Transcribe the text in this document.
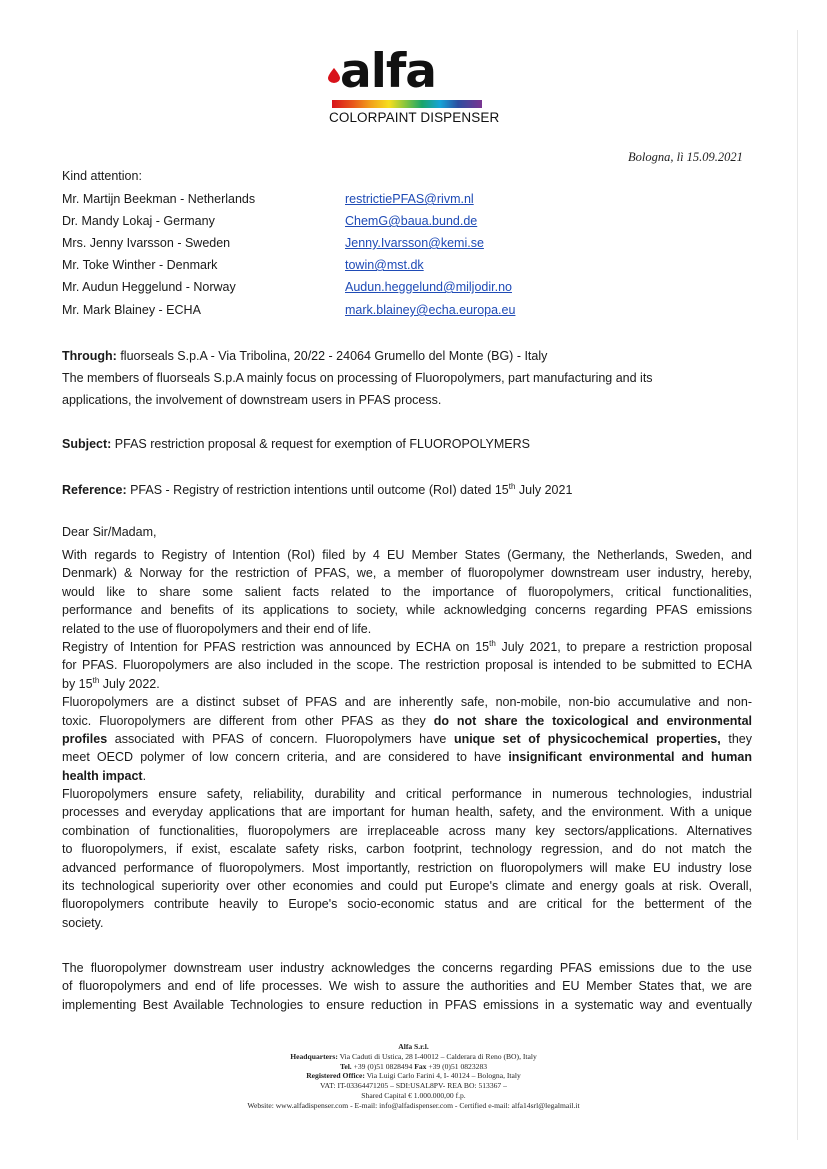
alfa
COLORPAINT DISPENSER
Bologna, lì 15.09.2021
Kind attention:
Mr. Martijn Beekman - Netherlands	restrictiePFAS@rivm.nl
Dr. Mandy Lokaj - Germany	ChemG@baua.bund.de
Mrs. Jenny Ivarsson - Sweden	Jenny.Ivarsson@kemi.se
Mr. Toke Winther - Denmark	towin@mst.dk
Mr. Audun Heggelund - Norway	Audun.heggelund@miljodir.no
Mr. Mark Blainey - ECHA	mark.blainey@echa.europa.eu
Through: fluorseals S.p.A - Via Tribolina, 20/22 - 24064 Grumello del Monte (BG) - Italy
The members of fluorseals S.p.A mainly focus on processing of Fluoropolymers, part manufacturing and its
applications, the involvement of downstream users in PFAS process.
Subject: PFAS restriction proposal & request for exemption of FLUOROPOLYMERS
Reference: PFAS - Registry of restriction intentions until outcome (RoI) dated 15th July 2021
Dear Sir/Madam,
With regards to Registry of Intention (RoI) filed by 4 EU Member States (Germany, the Netherlands, Sweden, and
Denmark) & Norway for the restriction of PFAS, we, a member of fluoropolymer downstream user industry, hereby,
would like to share some salient facts related to the importance of fluoropolymers, critical functionalities,
performance and benefits of its applications to society, while acknowledging concerns regarding PFAS emissions
related to the use of fluoropolymers and their end of life.
Registry of Intention for PFAS restriction was announced by ECHA on 15th July 2021, to prepare a restriction proposal
for PFAS. Fluoropolymers are also included in the scope. The restriction proposal is intended to be submitted to ECHA
by 15th July 2022.
Fluoropolymers are a distinct subset of PFAS and are inherently safe, non-mobile, non-bio accumulative and non-
toxic. Fluoropolymers are different from other PFAS as they do not share the toxicological and environmental
profiles associated with PFAS of concern. Fluoropolymers have unique set of physicochemical properties, they
meet OECD polymer of low concern criteria, and are considered to have insignificant environmental and human
health impact.
Fluoropolymers ensure safety, reliability, durability and critical performance in numerous technologies, industrial
processes and everyday applications that are important for human health, safety, and the environment. With a unique
combination of functionalities, fluoropolymers are irreplaceable across many key sectors/applications. Alternatives
to fluoropolymers, if exist, escalate safety risks, carbon footprint, technology regression, and do not match the
advanced performance of fluoropolymers. Most importantly, restriction on fluoropolymers will make EU industry lose
its technological superiority over other economies and could put Europe's climate and energy goals at risk. Overall,
fluoropolymers contribute heavily to Europe's socio-economic status and are critical for the betterment of the
society.
The fluoropolymer downstream user industry acknowledges the concerns regarding PFAS emissions due to the use
of fluoropolymers and end of life processes. We wish to assure the authorities and EU Member States that, we are
implementing Best Available Technologies to ensure reduction in PFAS emissions in a systematic way and eventually
Alfa S.r.l.
Headquarters: Via Caduti di Ustica, 28 I-40012 – Calderara di Reno (BO), Italy
Tel. +39 (0)51 0828494 Fax +39 (0)51 0823283
Registered Office: Via Luigi Carlo Farini 4, I- 40124 – Bologna, Italy
VAT: IT-03364471205 – SDI:USAL8PV- REA BO: 513367 –
Shared Capital € 1.000.000,00 f.p.
Website: www.alfadispenser.com - E-mail: info@alfadispenser.com - Certified e-mail: alfa14srl@legalmail.it
